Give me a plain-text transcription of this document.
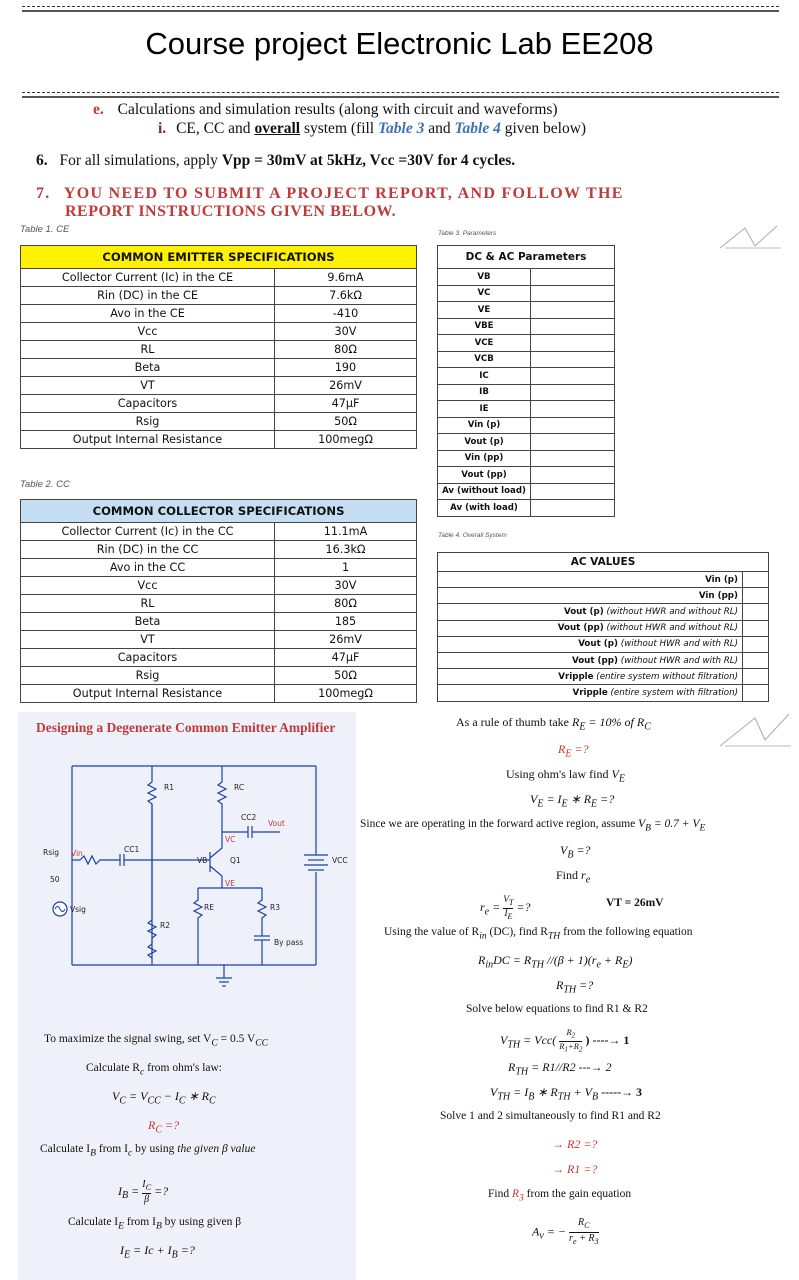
Course project Electronic Lab EE208
e. Calculations and simulation results (along with circuit and waveforms)
i. CE, CC and overall system (fill Table 3 and Table 4 given below)
6. For all simulations, apply Vpp = 30mV at 5kHz, Vcc =30V for 4 cycles.
7. YOU NEED TO SUBMIT A PROJECT REPORT, AND FOLLOW THE
REPORT INSTRUCTIONS GIVEN BELOW.
Table 1. CE
COMMON EMITTER SPECIFICATIONS	
Collector Current (Ic) in the CE	9.6mA
Rin (DC) in the CE	7.6kΩ
Avo in the CE	-410
Vcc	30V
RL	80Ω
Beta	190
VT	26mV
Capacitors	47μF
Rsig	50Ω
Output Internal Resistance	100megΩ
Table 2. CC
COMMON COLLECTOR SPECIFICATIONS	
Collector Current (Ic) in the CC	11.1mA
Rin (DC) in the CC	16.3kΩ
Avo in the CC	1
Vcc	30V
RL	80Ω
Beta	185
VT	26mV
Capacitors	47μF
Rsig	50Ω
Output Internal Resistance	100megΩ
Table 3. Parameters
DC & AC Parameters	
VB	
VC	
VE	
VBE	
VCE	
VCB	
IC	
IB	
IE	
Vin (p)	
Vout (p)	
Vin (pp)	
Vout (pp)	
Av (without load)	
Av (with load)	
Table 4. Overall System
AC VALUES	
Vin (p)	
Vin (pp)	
Vout (p) (without HWR and without RL)	
Vout (pp) (without HWR and without RL)	
Vout (p) (without HWR and with RL)	
Vout (pp) (without HWR and with RL)	
Vripple (entire system without filtration)	
Vripple (entire system with filtration)	
Designing a Degenerate Common Emitter Amplifier
R1	RC
CC2
Vout
VC
Rsig Vin	CC1
VB	Q1	VCC
50	VE
Vsig	RE	R3
R2
By pass
To maximize the signal swing, set $V_C = 0.5$ $V_{CC}$
Calculate $R_c$ from ohm's law:
$V_C = V_{CC} - I_C$ ∗ $R_C$
$R_C$ =?
Calculate $I_B$ from $I_c$ by using the given β value
$I_B = \frac{I_C}{\beta}$ =?
Calculate $I_E$ from $I_B$ by using given β
$I_E = Ic + I_B$ =?
As a rule of thumb take $R_E = 10\%$ of $R_C$
$R_E$ =?
Using ohm's law find $V_E$
$V_E = I_E$ ∗ $R_E$ =?
Since we are operating in the forward active region, assume $V_B = 0.7 + V_E$
$V_B$ =?
Find $r_e$
$r_e = \frac{V_T}{I_E}$ =?	VT = 26mV
Using the value of $R_{in}$ (DC), find $R_{TH}$ from the following equation
$R_{in}DC = R_{TH}$ $//(\beta + 1)(r_e + R_E)$
$R_{TH}$ =?
Solve below equations to find R1 & R2
$V_{TH} = Vcc( \frac{R_2}{R_1+R_2}$ ) ----→ 1
$R_{TH} = R1//R2$ ---→ 2
$V_{TH} = I_B$ ∗ $R_{TH} + V_B$ -----→ 3
Solve 1 and 2 simultaneously to find R1 and R2
→ R2 =?
→ R1 =?
Find $R_3$ from the gain equation
$A_v$ = − $\frac{R_C}{r_e + R_3}$
